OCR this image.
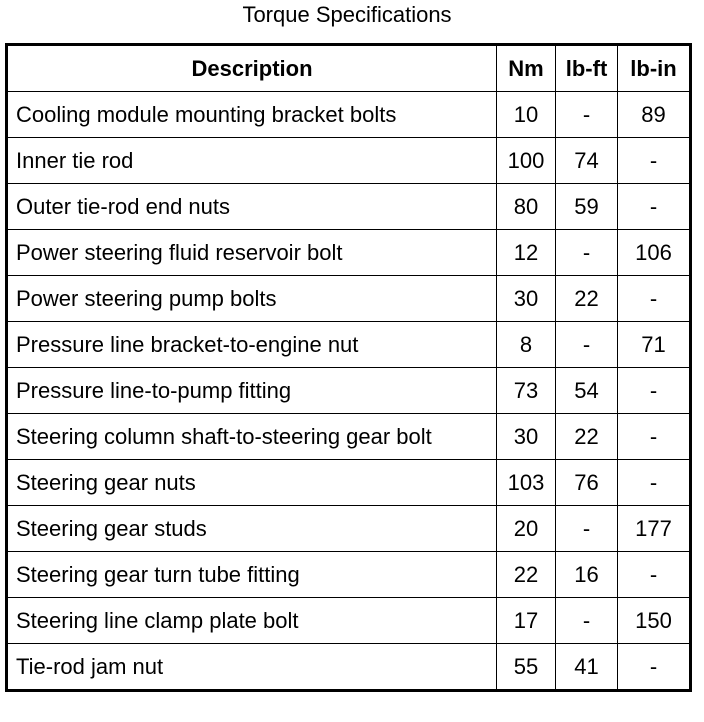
Torque Specifications
Description	Nm	lb-ft	lb-in
Cooling module mounting bracket bolts	10	-	89
Inner tie rod	100	74	-
Outer tie-rod end nuts	80	59	-
Power steering fluid reservoir bolt	12	-	106
Power steering pump bolts	30	22	-
Pressure line bracket-to-engine nut	8	-	71
Pressure line-to-pump fitting	73	54	-
Steering column shaft-to-steering gear bolt	30	22	-
Steering gear nuts	103	76	-
Steering gear studs	20	-	177
Steering gear turn tube fitting	22	16	-
Steering line clamp plate bolt	17	-	150
Tie-rod jam nut	55	41	-
